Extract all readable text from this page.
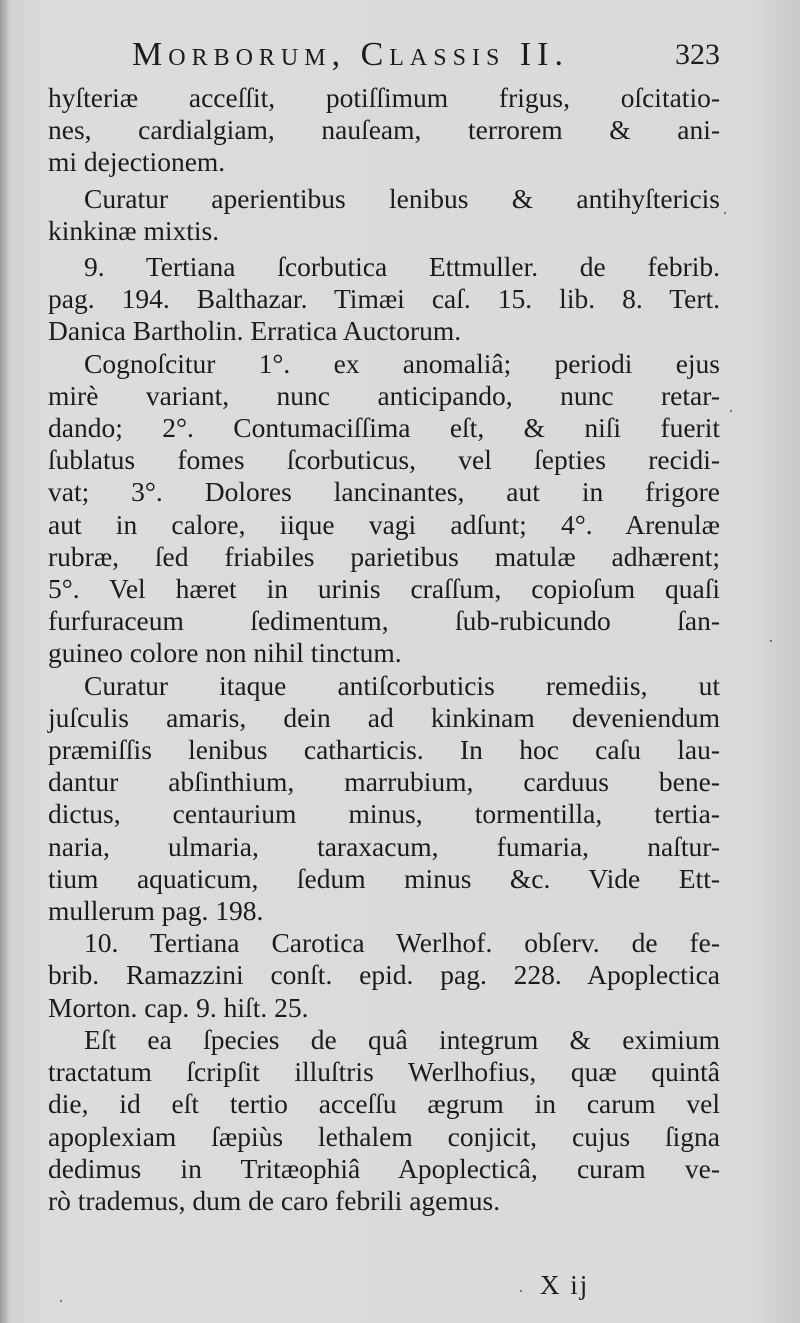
Morborum, Classis II.	323
hyſteriæ acceſſit, potiſſimum frigus, oſcitatio-
nes, cardialgiam, nauſeam, terrorem & ani-
mi dejectionem.
Curatur aperientibus lenibus & antihyſtericis
kinkinæ mixtis.
9. Tertiana ſcorbutica Ettmuller. de febrib.
pag. 194. Balthazar. Timæi caſ. 15. lib. 8. Tert.
Danica Bartholin. Erratica Auctorum.
Cognoſcitur 1°. ex anomaliâ; periodi ejus
mirè variant, nunc anticipando, nunc retar-
dando; 2°. Contumaciſſima eſt, & niſi fuerit
ſublatus fomes ſcorbuticus, vel ſepties recidi-
vat; 3°. Dolores lancinantes, aut in frigore
aut in calore, iique vagi adſunt; 4°. Arenulæ
rubræ, ſed friabiles parietibus matulæ adhærent;
5°. Vel hæret in urinis craſſum, copioſum quaſi
furfuraceum ſedimentum, ſub-rubicundo ſan-
guineo colore non nihil tinctum.
Curatur itaque antiſcorbuticis remediis, ut
juſculis amaris, dein ad kinkinam deveniendum
præmiſſis lenibus catharticis. In hoc caſu lau-
dantur abſinthium, marrubium, carduus bene-
dictus, centaurium minus, tormentilla, tertia-
naria, ulmaria, taraxacum, fumaria, naſtur-
tium aquaticum, ſedum minus &c. Vide Ett-
mullerum pag. 198.
10. Tertiana Carotica Werlhof. obſerv. de fe-
brib. Ramazzini conſt. epid. pag. 228. Apoplectica
Morton. cap. 9. hiſt. 25.
Eſt ea ſpecies de quâ integrum & eximium
tractatum ſcripſit illuſtris Werlhofius, quæ quintâ
die, id eſt tertio acceſſu ægrum in carum vel
apoplexiam ſæpiùs lethalem conjicit, cujus ſigna
dedimus in Tritæophiâ Apoplecticâ, curam ve-
rò trademus, dum de caro febrili agemus.
X ij
